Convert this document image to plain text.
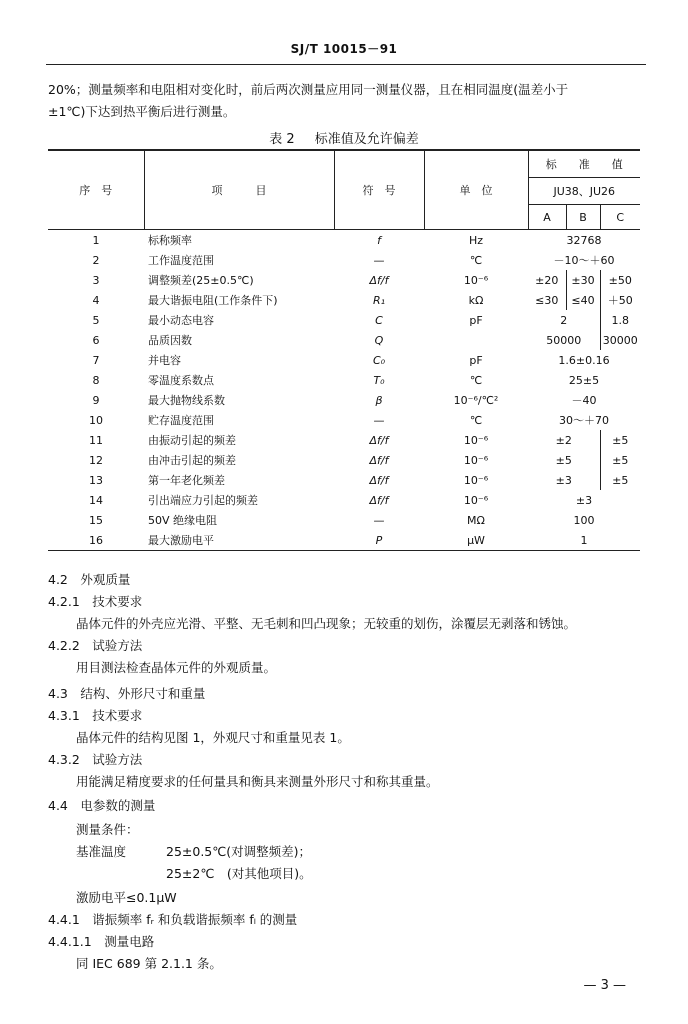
SJ/T 10015－91
20%；测量频率和电阻相对变化时，前后两次测量应用同一测量仪器，且在相同温度(温差小于
±1℃)下达到热平衡后进行测量。
表 2 标准值及允许偏差
序　号	项　　　目	符　号	单　位	标　　准　　值		
				JU38、JU26		
				A	B	C
1	标称频率	f	Hz	32768		
2	工作温度范围	—	℃	－10～＋60		
3	调整频差(25±0.5℃)	Δf/f	10⁻⁶	±20	±30	±50
4	最大谐振电阻(工作条件下)	R₁	kΩ	≤30	≤40	＋50
5	最小动态电容	C	pF	2		1.8
6	品质因数	Q		50000		30000
7	并电容	C₀	pF	1.6±0.16		
8	零温度系数点	T₀	℃	25±5		
9	最大抛物线系数	β	10⁻⁶/℃²	－40		
10	贮存温度范围	—	℃	30～＋70		
11	由振动引起的频差	Δf/f	10⁻⁶	±2		±5
12	由冲击引起的频差	Δf/f	10⁻⁶	±5		±5
13	第一年老化频差	Δf/f	10⁻⁶	±3		±5
14	引出端应力引起的频差	Δf/f	10⁻⁶	±3		
15	50V 绝缘电阻	—	MΩ	100		
16	最大激励电平	P	μW	1		
4.2　外观质量
4.2.1　技术要求
晶体元件的外壳应光滑、平整、无毛刺和凹凸现象；无较重的划伤，涂覆层无剥落和锈蚀。
4.2.2　试验方法
用目测法检查晶体元件的外观质量。
4.3　结构、外形尺寸和重量
4.3.1　技术要求
晶体元件的结构见图 1，外观尺寸和重量见表 1。
4.3.2　试验方法
用能满足精度要求的任何量具和衡具来测量外形尺寸和称其重量。
4.4　电参数的测量
测量条件：
基准温度	25±0.5℃(对调整频差)；
25±2℃　(对其他项目)。
激励电平≤0.1μW
4.4.1　谐振频率 fᵣ 和负载谐振频率 fₗ 的测量
4.4.1.1　测量电路
同 IEC 689 第 2.1.1 条。
— 3 —
